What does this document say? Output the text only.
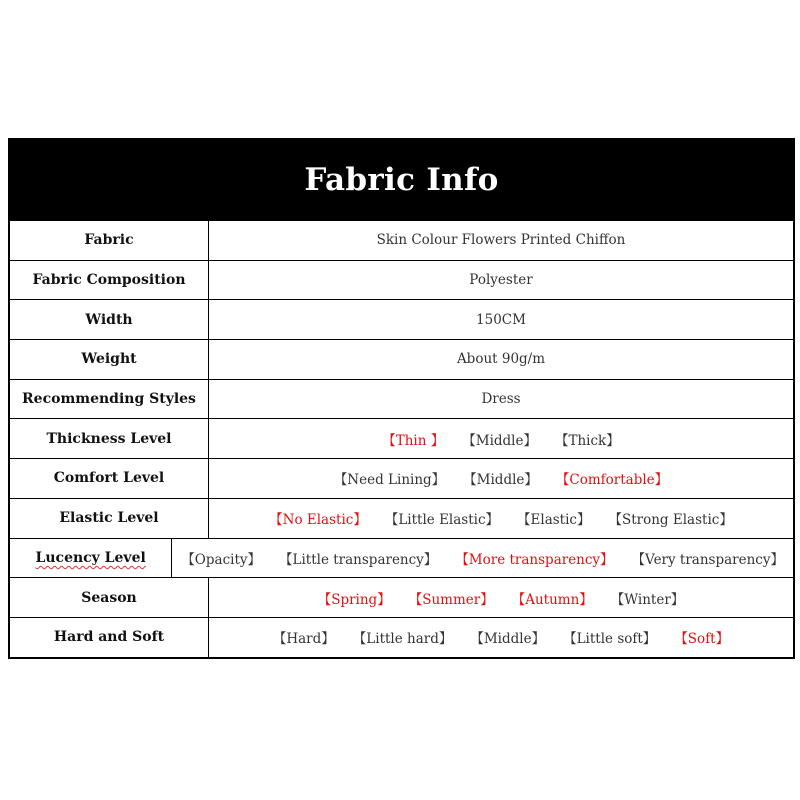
Fabric Info
Fabric	Skin Colour Flowers Printed Chiffon
Fabric Composition	Polyester
Width	150CM
Weight	About 90g/m
Recommending Styles	Dress
Thickness Level	【Thin 】 【Middle】 【Thick】
Comfort Level	【Need Lining】 【Middle】 【Comfortable】
Elastic Level	【No Elastic】 【Little Elastic】 【Elastic】 【Strong Elastic】
Lucency Level	【Opacity】 【Little transparency】 【More transparency】 【Very transparency】
Season	【Spring】 【Summer】 【Autumn】 【Winter】
Hard and Soft	【Hard】 【Little hard】 【Middle】 【Little soft】 【Soft】
